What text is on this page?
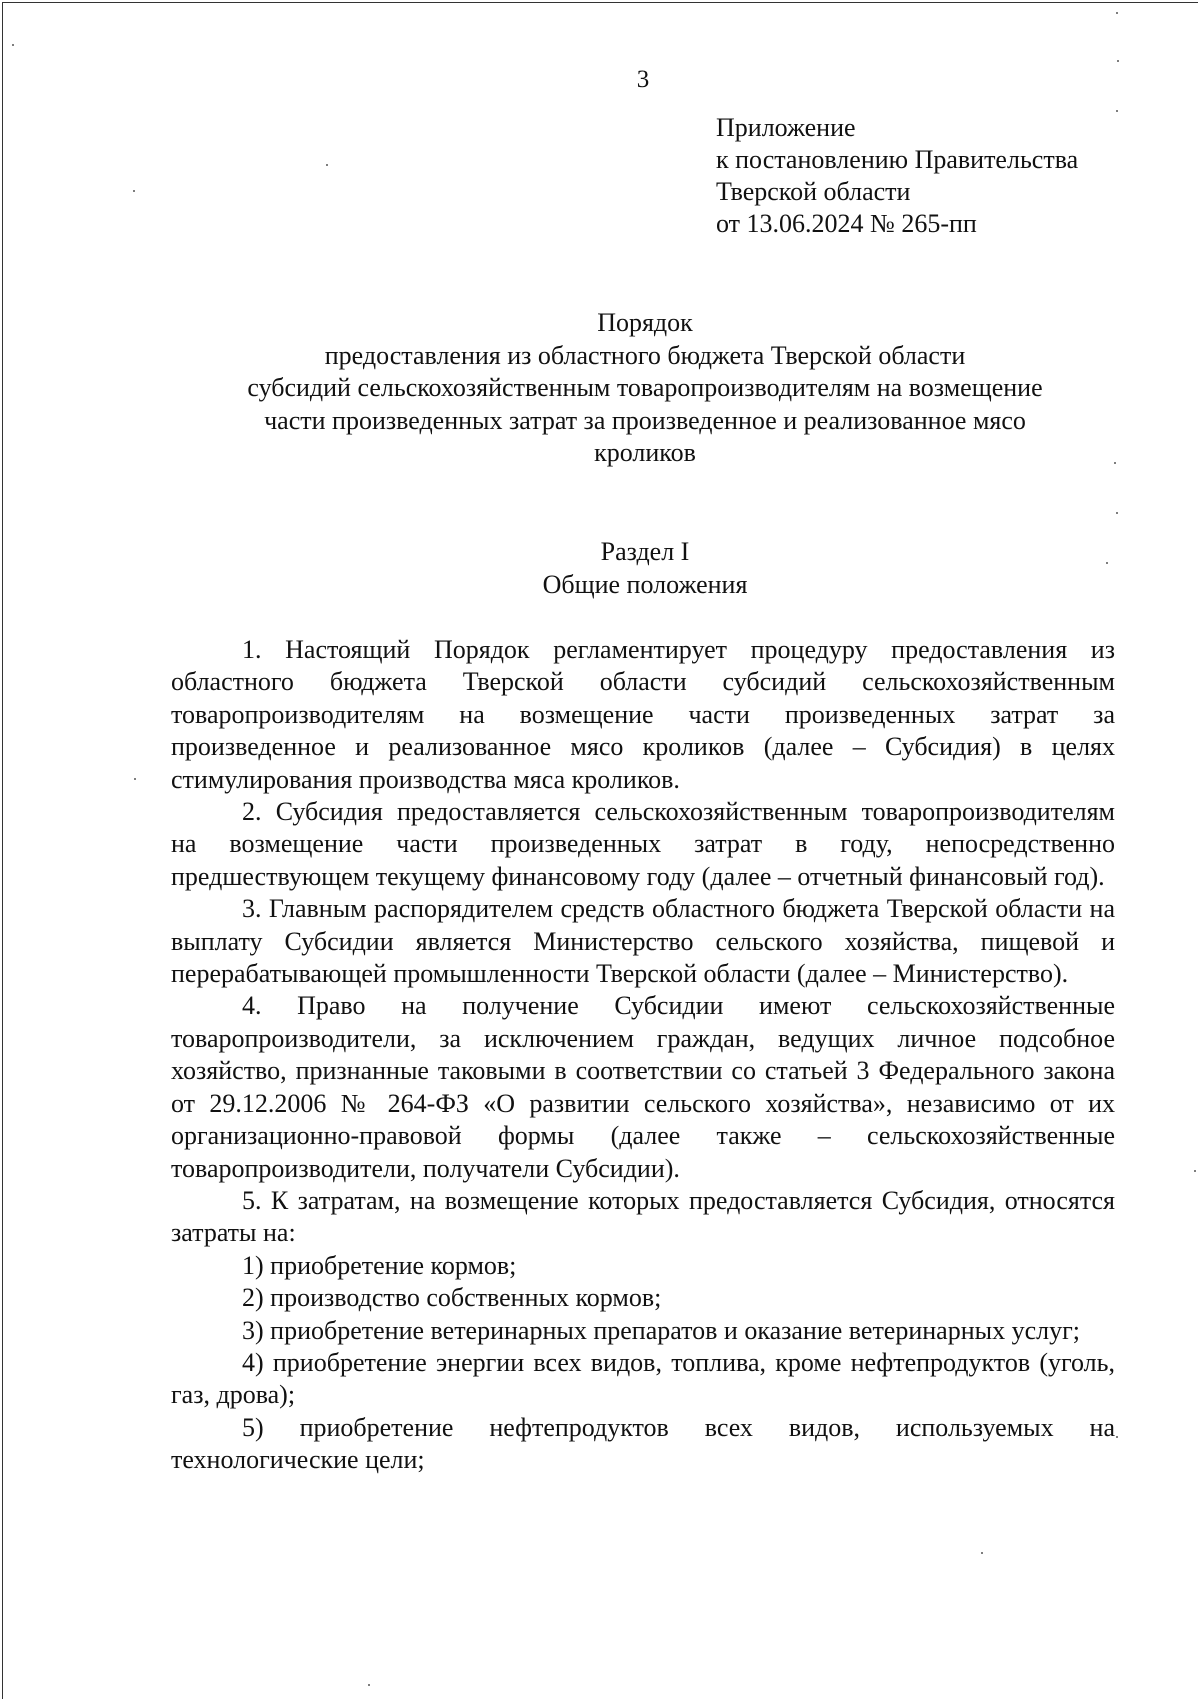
3
Приложение
к постановлению Правительства
Тверской области
от 13.06.2024 № 265-пп
Порядок
предоставления из областного бюджета Тверской области
субсидий сельскохозяйственным товаропроизводителям на возмещение
части произведенных затрат за произведенное и реализованное мясо
кроликов
Раздел I
Общие положения

1. Настоящий Порядок регламентирует процедуру предоставления из областного бюджета Тверской области субсидий сельскохозяйственным товаропроизводителям на возмещение части произведенных затрат за произведенное и реализованное мясо кроликов (далее – Субсидия) в целях стимулирования производства мяса кроликов.

2. Субсидия предоставляется сельскохозяйственным товаропроизводителям на возмещение части произведенных затрат в году, непосредственно предшествующем текущему финансовому году (далее – отчетный финансовый год).

3. Главным распорядителем средств областного бюджета Тверской области на выплату Субсидии является Министерство сельского хозяйства, пищевой и перерабатывающей промышленности Тверской области (далее – Министерство).

4. Право на получение Субсидии имеют сельскохозяйственные товаропроизводители, за исключением граждан, ведущих личное подсобное хозяйство, признанные таковыми в соответствии со статьей 3 Федерального закона от 29.12.2006 № 264-ФЗ «О развитии сельского хозяйства», независимо от их организационно-правовой формы (далее также – сельскохозяйственные товаропроизводители, получатели Субсидии).

5. К затратам, на возмещение которых предоставляется Субсидия, относятся затраты на:

1) приобретение кормов;

2) производство собственных кормов;

3) приобретение ветеринарных препаратов и оказание ветеринарных услуг;

4) приобретение энергии всех видов, топлива, кроме нефтепродуктов (уголь, газ, дрова);

5) приобретение нефтепродуктов всех видов, используемых на технологические цели;
